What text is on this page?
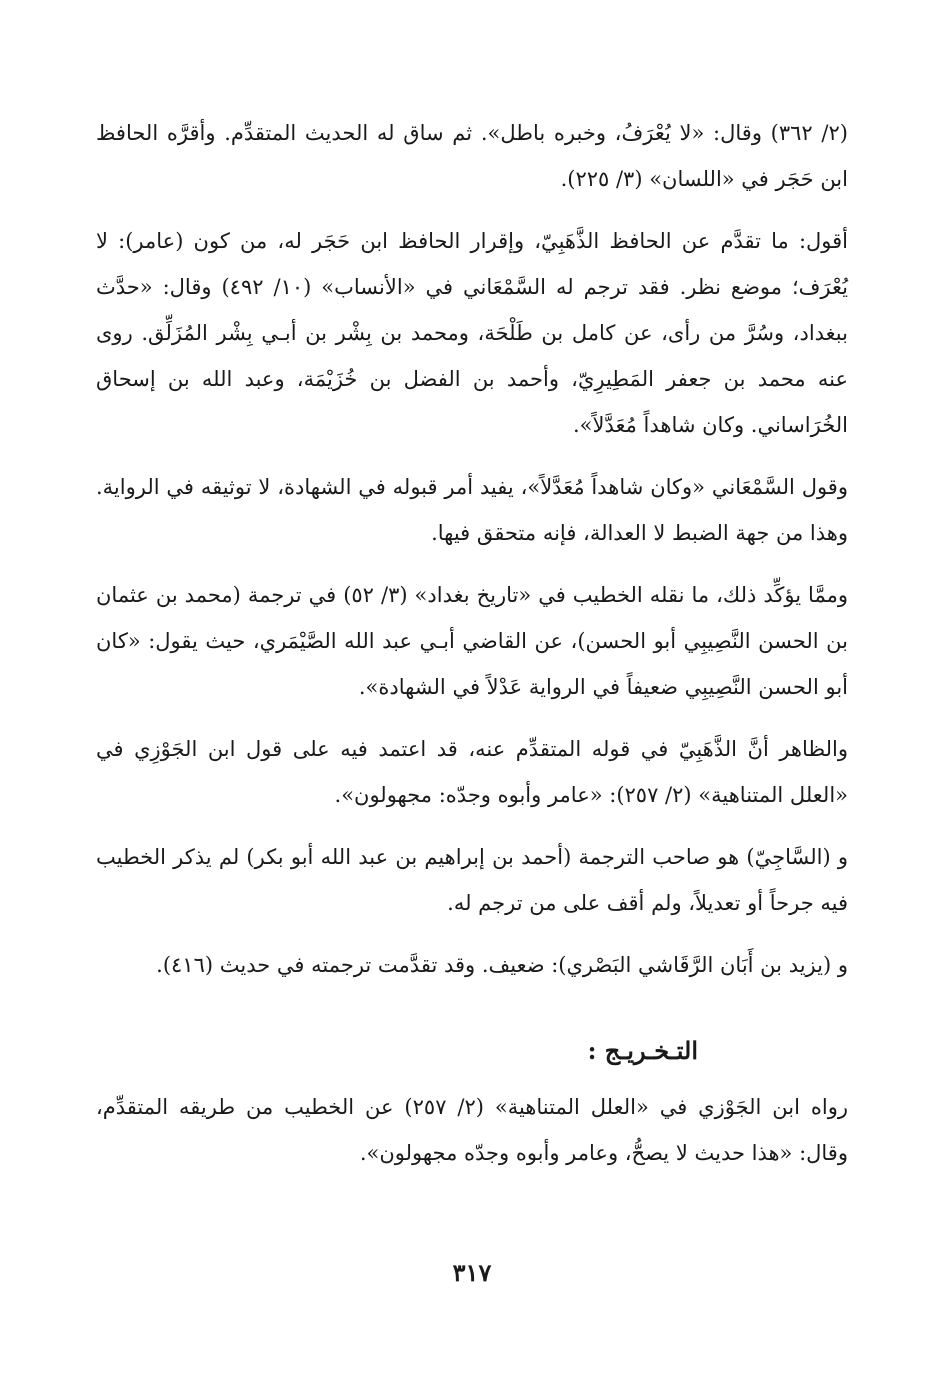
(٢/ ٣٦٢) وقال: «لا يُعْرَفُ، وخبره باطل». ثم ساق له الحديث المتقدِّم. وأقرَّه الحافظ ابن حَجَر في «اللسان» (٣/ ٢٢٥).

أقول: ما تقدَّم عن الحافظ الذَّهَبِيّ، وإقرار الحافظ ابن حَجَر له، من كون (عامر): لا يُعْرَف؛ موضع نظر. فقد ترجم له السَّمْعَاني في «الأنساب» (١٠/ ٤٩٢) وقال: «حدَّث ببغداد، وسُرَّ من رأى، عن كامل بن طَلْحَة، ومحمد بن بِشْر بن أبـي بِشْر المُزَلِّق. روى عنه محمد بن جعفر المَطِيرِيّ، وأحمد بن الفضل بن خُزَيْمَة، وعبد الله بن إسحاق الخُرَاساني. وكان شاهداً مُعَدَّلاً».

وقول السَّمْعَاني «وكان شاهداً مُعَدَّلاً»، يفيد أمر قبوله في الشهادة، لا توثيقه في الرواية. وهذا من جهة الضبط لا العدالة، فإنه متحقق فيها.

وممَّا يؤكِّد ذلك، ما نقله الخطيب في «تاريخ بغداد» (٣/ ٥٢) في ترجمة (محمد بن عثمان بن الحسن النَّصِيبِي أبو الحسن)، عن القاضي أبـي عبد الله الصَّيْمَري، حيث يقول: «كان أبو الحسن النَّصِيبِي ضعيفاً في الرواية عَدْلاً في الشهادة».

والظاهر أنَّ الذَّهَبِيّ في قوله المتقدِّم عنه، قد اعتمد فيه على قول ابن الجَوْزِي في «العلل المتناهية» (٢/ ٢٥٧): «عامر وأبوه وجدّه: مجهولون».

و (السَّاجِيّ) هو صاحب الترجمة (أحمد بن إبراهيم بن عبد الله أبو بكر) لم يذكر الخطيب فيه جرحاً أو تعديلاً، ولم أقف على من ترجم له.

و (يزيد بن أَبَان الرَّقَاشي البَصْري): ضعيف. وقد تقدَّمت ترجمته في حديث (٤١٦).

التـخـريـج :

رواه ابن الجَوْزي في «العلل المتناهية» (٢/ ٢٥٧) عن الخطيب من طريقه المتقدِّم، وقال: «هذا حديث لا يصحُّ، وعامر وأبوه وجدّه مجهولون».

٣١٧
